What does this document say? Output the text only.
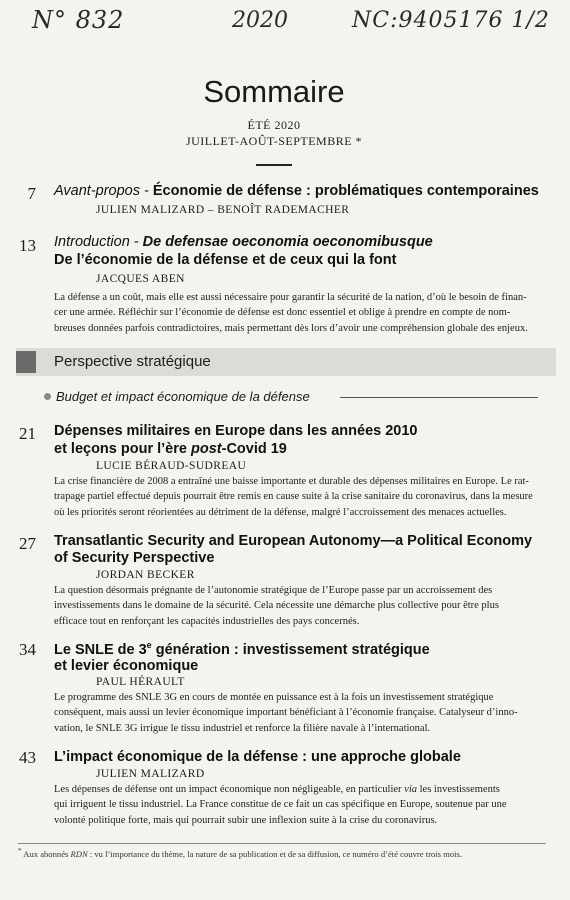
N° 832	2020	NC:9405176 1/2
Sommaire
ÉTÉ 2020
JUILLET-AOÛT-SEPTEMBRE *
7 Avant-propos - Économie de défense : problématiques contemporaines
JULIEN MALIZARD – BENOÎT RADEMACHER
13 Introduction - De defensae oeconomia oeconomibusque
De l’économie de la défense et de ceux qui la font
JACQUES ABEN
La défense a un coût, mais elle est aussi nécessaire pour garantir la sécurité de la nation, d’où le besoin de finan-
cer une armée. Réfléchir sur l’économie de défense est donc essentiel et oblige à prendre en compte de nom-
breuses données parfois contradictoires, mais permettant dès lors d’avoir une compréhension globale des enjeux.
Perspective stratégique
Budget et impact économique de la défense
21 Dépenses militaires en Europe dans les années 2010
et leçons pour l’ère post-Covid 19
LUCIE BÉRAUD-SUDREAU
La crise financière de 2008 a entraîné une baisse importante et durable des dépenses militaires en Europe. Le rat-
trapage partiel effectué depuis pourrait être remis en cause suite à la crise sanitaire du coronavirus, dans la mesure
où les priorités seront réorientées au détriment de la défense, malgré l’accroissement des menaces actuelles.
27 Transatlantic Security and European Autonomy—a Political Economy
of Security Perspective
JORDAN BECKER
La question désormais prégnante de l’autonomie stratégique de l’Europe passe par un accroissement des
investissements dans le domaine de la sécurité. Cela nécessite une démarche plus collective pour être plus
efficace tout en renforçant les capacités industrielles des pays concernés.
34 Le SNLE de 3e génération : investissement stratégique
et levier économique
PAUL HÉRAULT
Le programme des SNLE 3G en cours de montée en puissance est à la fois un investissement stratégique
conséquent, mais aussi un levier économique important bénéficiant à l’économie française. Catalyseur d’inno-
vation, le SNLE 3G irrigue le tissu industriel et renforce la filière navale à l’international.
43 L’impact économique de la défense : une approche globale
JULIEN MALIZARD
Les dépenses de défense ont un impact économique non négligeable, en particulier via les investissements
qui irriguent le tissu industriel. La France constitue de ce fait un cas spécifique en Europe, soutenue par une
volonté politique forte, mais qui pourrait subir une inflexion suite à la crise du coronavirus.
* Aux abonnés RDN : vu l’importance du thème, la nature de sa publication et de sa diffusion, ce numéro d’été couvre trois mois.
